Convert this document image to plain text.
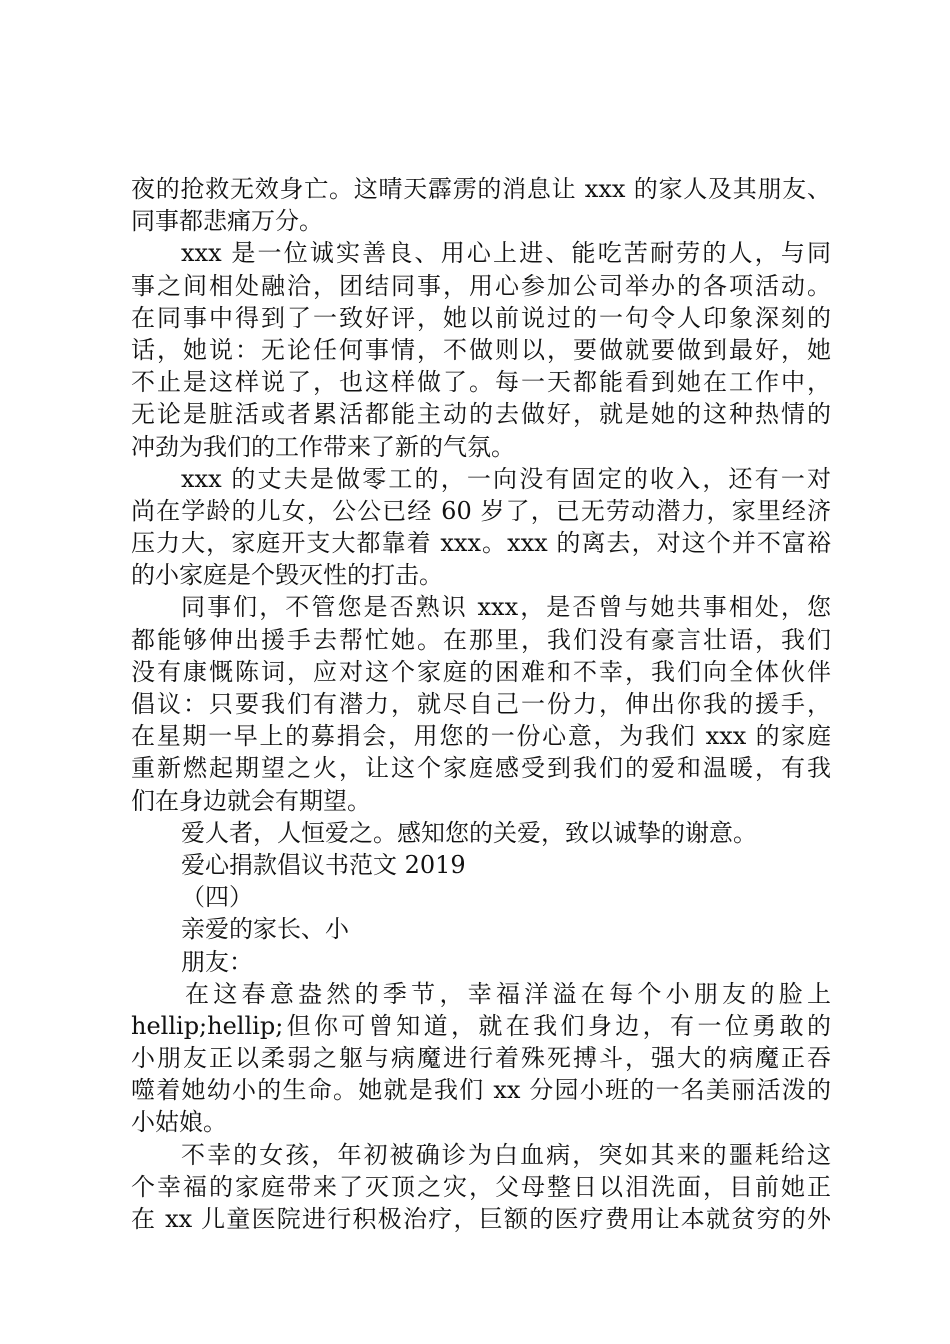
夜的抢救无效身亡。这晴天霹雳的消息让 xxx 的家人及其朋友、
同事都悲痛万分。
xxx 是一位诚实善良、用心上进、能吃苦耐劳的人，与同
事之间相处融洽，团结同事，用心参加公司举办的各项活动。
在同事中得到了一致好评，她以前说过的一句令人印象深刻的
话，她说：无论任何事情，不做则以，要做就要做到最好，她
不止是这样说了，也这样做了。每一天都能看到她在工作中，
无论是脏活或者累活都能主动的去做好，就是她的这种热情的
冲劲为我们的工作带来了新的气氛。
xxx 的丈夫是做零工的，一向没有固定的收入，还有一对
尚在学龄的儿女，公公已经 60 岁了，已无劳动潜力，家里经济
压力大，家庭开支大都靠着 xxx。xxx 的离去，对这个并不富裕
的小家庭是个毁灭性的打击。
同事们，不管您是否熟识 xxx，是否曾与她共事相处，您
都能够伸出援手去帮忙她。在那里，我们没有豪言壮语，我们
没有康慨陈词，应对这个家庭的困难和不幸，我们向全体伙伴
倡议：只要我们有潜力，就尽自己一份力，伸出你我的援手，
在星期一早上的募捐会，用您的一份心意，为我们 xxx 的家庭
重新燃起期望之火，让这个家庭感受到我们的爱和温暖，有我
们在身边就会有期望。
爱人者，人恒爱之。感知您的关爱，致以诚挚的谢意。
爱心捐款倡议书范文 2019
（四）
亲爱的家长、小
朋友：
在这春意盎然的季节，幸福洋溢在每个小朋友的脸上
hellip;hellip;但你可曾知道，就在我们身边，有一位勇敢的
小朋友正以柔弱之躯与病魔进行着殊死搏斗，强大的病魔正吞
噬着她幼小的生命。她就是我们 xx 分园小班的一名美丽活泼的
小姑娘。
不幸的女孩，年初被确诊为白血病，突如其来的噩耗给这
个幸福的家庭带来了灭顶之灾，父母整日以泪洗面，目前她正
在 xx 儿童医院进行积极治疗，巨额的医疗费用让本就贫穷的外
